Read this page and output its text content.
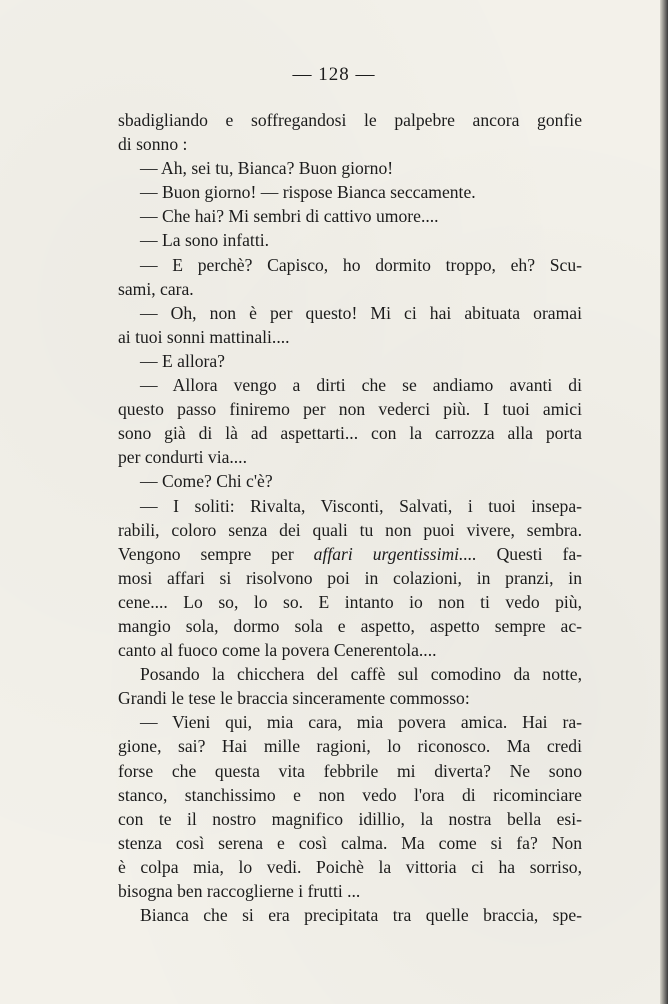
— 128 —
sbadigliando e soffregandosi le palpebre ancora gonfie
di sonno :
— Ah, sei tu, Bianca? Buon giorno!
— Buon giorno! — rispose Bianca seccamente.
— Che hai? Mi sembri di cattivo umore....
— La sono infatti.
— E perchè? Capisco, ho dormito troppo, eh? Scu-
sami, cara.
— Oh, non è per questo! Mi ci hai abituata oramai
ai tuoi sonni mattinali....
— E allora?
— Allora vengo a dirti che se andiamo avanti di
questo passo finiremo per non vederci più. I tuoi amici
sono già di là ad aspettarti... con la carrozza alla porta
per condurti via....
— Come? Chi c'è?
— I soliti: Rivalta, Visconti, Salvati, i tuoi insepa-
rabili, coloro senza dei quali tu non puoi vivere, sembra.
Vengono sempre per affari urgentissimi.... Questi fa-
mosi affari si risolvono poi in colazioni, in pranzi, in
cene.... Lo so, lo so. E intanto io non ti vedo più,
mangio sola, dormo sola e aspetto, aspetto sempre ac-
canto al fuoco come la povera Cenerentola....
Posando la chicchera del caffè sul comodino da notte,
Grandi le tese le braccia sinceramente commosso:
— Vieni qui, mia cara, mia povera amica. Hai ra-
gione, sai? Hai mille ragioni, lo riconosco. Ma credi
forse che questa vita febbrile mi diverta? Ne sono
stanco, stanchissimo e non vedo l'ora di ricominciare
con te il nostro magnifico idillio, la nostra bella esi-
stenza così serena e così calma. Ma come si fa? Non
è colpa mia, lo vedi. Poichè la vittoria ci ha sorriso,
bisogna ben raccoglierne i frutti ...
Bianca che si era precipitata tra quelle braccia, spe-
